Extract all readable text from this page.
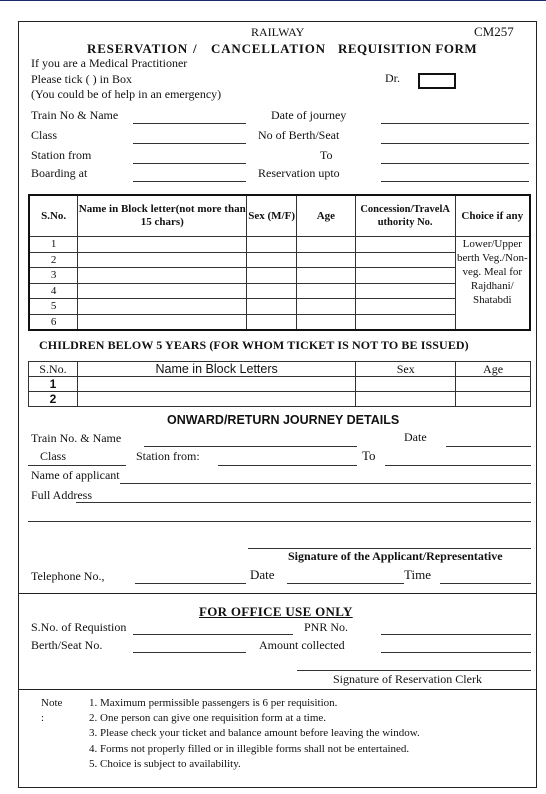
RAILWAY	CM257
RESERVATION / CANCELLATION REQUISITION FORM
If you are a Medical Practitioner
Please tick ( ) in Box
(You could be of help in an emergency)
Dr.
Train No & Name	Date of journey
Class	No of Berth/Seat
Station from	To
Boarding at	Reservation upto
S.No.	Name in Block letter(not more than 15 chars)	Sex (M/F)	Age	Concession/TravelA uthority No.	Choice if any
1					Lower/Upper berth Veg./Non-veg. Meal for Rajdhani/ Shatabdi
2					
3					
4					
5					
6					
CHILDREN BELOW 5 YEARS (FOR WHOM TICKET IS NOT TO BE ISSUED)
S.No.	Name in Block Letters	Sex	Age
1			
2			
ONWARD/RETURN JOURNEY DETAILS
Train No. & Name	Date
Class	Station from:	To
Name of applicant
Full Address
Signature of the Applicant/Representative
Telephone No.,	Date	Time
FOR OFFICE USE ONLY
S.No. of Requistion	PNR No.
Berth/Seat No.	Amount collected
Signature of Reservation Clerk
Note :
1. Maximum permissible passengers is 6 per requisition.
2. One person can give one requisition form at a time.
3. Please check your ticket and balance amount before leaving the window.
4. Forms not properly filled or in illegible forms shall not be entertained.
5. Choice is subject to availability.
